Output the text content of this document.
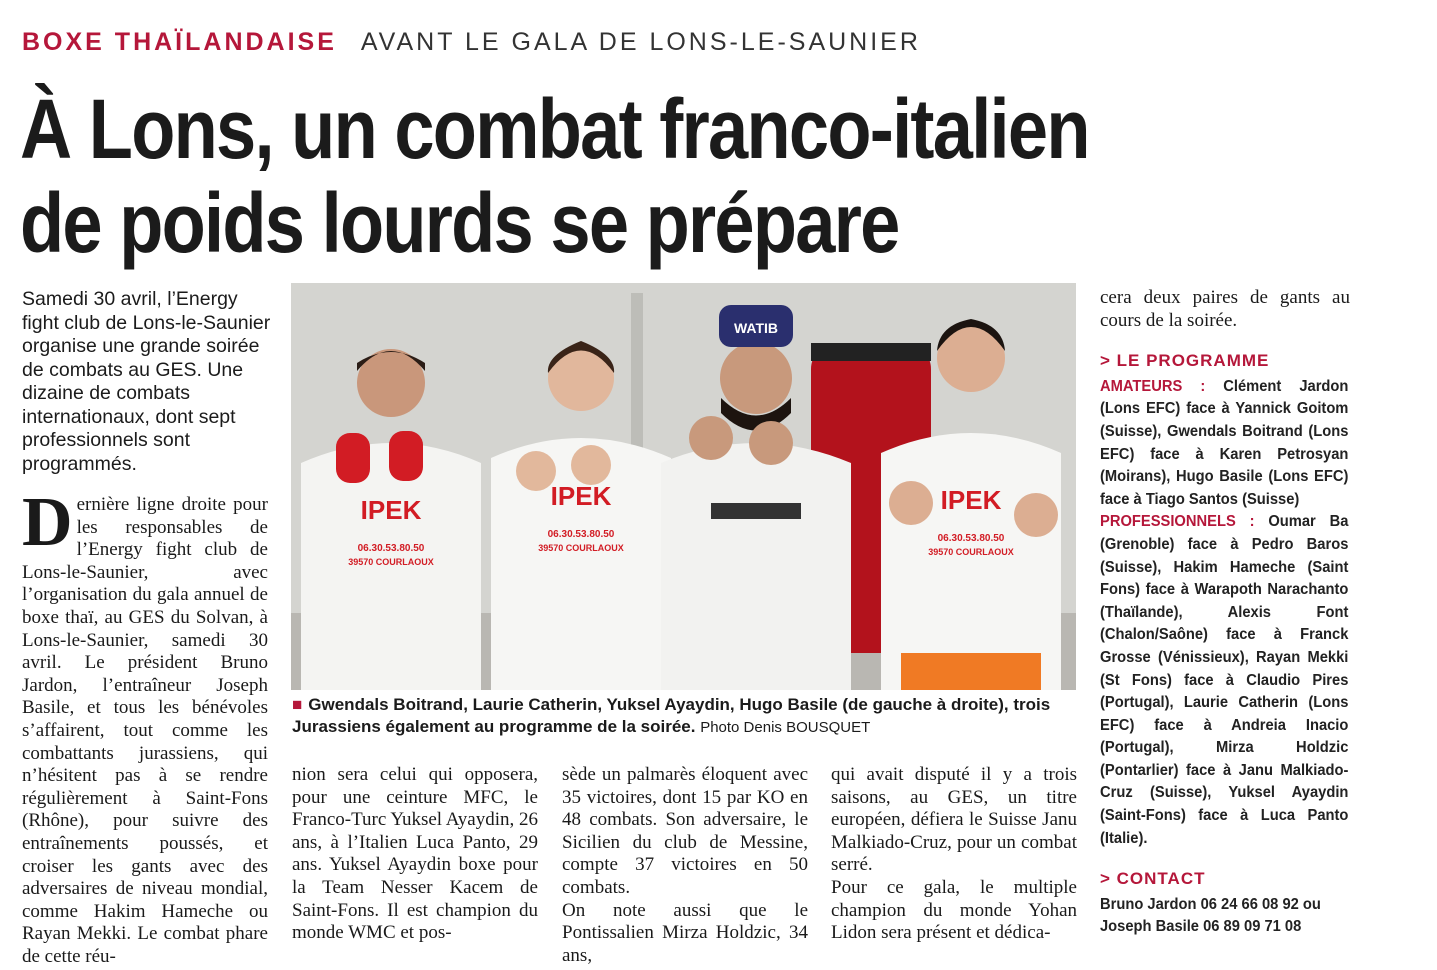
BOXE THAÏLANDAISE AVANT LE GALA DE LONS-LE-SAUNIER
À Lons, un combat franco-italien
de poids lourds se prépare
Samedi 30 avril, l’Energy fight club de Lons-le-Saunier organise une grande soirée de combats au GES. Une dizaine de combats internationaux, dont sept professionnels sont programmés.
Dernière ligne droite pour les responsables de l’Energy fight club de Lons-le-Saunier, avec l’organisation du gala annuel de boxe thaï, au GES du Solvan, à Lons-le-Saunier, samedi 30 avril. Le président Bruno Jardon, l’entraîneur Joseph Basile, et tous les bénévoles s’affairent, tout comme les combattants jurassiens, qui n’hésitent pas à se rendre régulièrement à Saint-Fons (Rhône), pour suivre des entraînements poussés, et croiser les gants avec des adversaires de niveau mondial, comme Hakim Hameche ou Rayan Mekki. Le combat phare de cette réu-
WATIB
IPEK	IPEK	IPEK
06.30.53.80.50
06.30.53.80.50	06.30.53.80.50
39570 COURLAOUX
39570 COURLAOUX	39570 COURLAOUX
■ Gwendals Boitrand, Laurie Catherin, Yuksel Ayaydin, Hugo Basile (de gauche à droite), trois Jurassiens également au programme de la soirée. Photo Denis BOUSQUET
nion sera celui qui opposera, pour une ceinture MFC, le Franco-Turc Yuksel Ayaydin, 26 ans, à l’Italien Luca Panto, 29 ans. Yuksel Ayaydin boxe pour la Team Nesser Kacem de Saint-Fons. Il est champion du monde WMC et pos-
sède un palmarès éloquent avec 35 victoires, dont 15 par KO en 48 combats. Son adversaire, le Sicilien du club de Messine, compte 37 victoires en 50 combats.
On note aussi que le Pontissalien Mirza Holdzic, 34 ans,
qui avait disputé il y a trois saisons, au GES, un titre européen, défiera le Suisse Janu Malkiado-Cruz, pour un combat serré.
Pour ce gala, le multiple champion du monde Yohan Lidon sera présent et dédica-
cera deux paires de gants au cours de la soirée.
> LE PROGRAMME
AMATEURS : Clément Jardon (Lons EFC) face à Yannick Goitom (Suisse), Gwendals Boitrand (Lons EFC) face à Karen Petrosyan (Moirans), Hugo Basile (Lons EFC) face à Tiago Santos (Suisse)
PROFESSIONNELS : Oumar Ba (Grenoble) face à Pedro Baros (Suisse), Hakim Hameche (Saint Fons) face à Warapoth Narachanto (Thaïlande), Alexis Font (Chalon/Saône) face à Franck Grosse (Vénissieux), Rayan Mekki (St Fons) face à Claudio Pires (Portugal), Laurie Catherin (Lons EFC) face à Andreia Inacio (Portugal), Mirza Holdzic (Pontarlier) face à Janu Malkiado-Cruz (Suisse), Yuksel Ayaydin (Saint-Fons) face à Luca Panto (Italie).
> CONTACT
Bruno Jardon 06 24 66 08 92 ou
Joseph Basile 06 89 09 71 08
